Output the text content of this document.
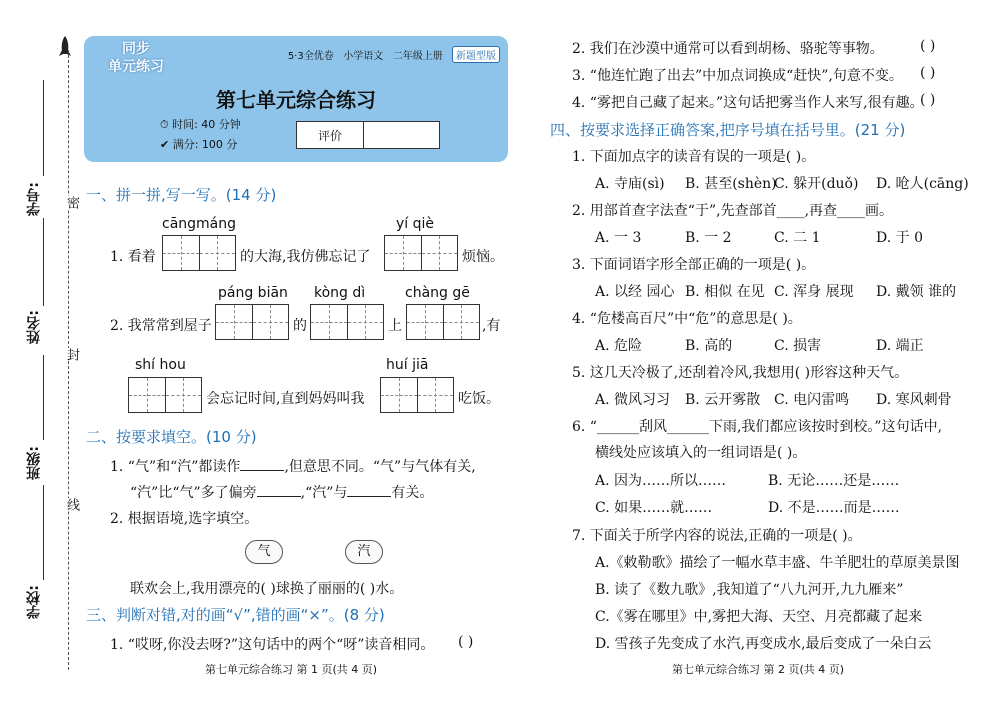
密
封
线
学校:
班级:
姓名:
学号:
同步
单元练习
5·3全优卷 小学语文 二年级上册 新题型版
第七单元综合练习
⏱ 时间: 40 分钟
✔ 满分: 100 分
评价
一、拼一拼,写一写。(14 分)
cāngmáng	yí qiè
1. 看着	的大海,我仿佛忘记了	烦恼。
páng biān kòng dì	chàng gē
2. 我常常到屋子	的	上	,有
shí hou	huí jiā
会忘记时间,直到妈妈叫我	吃饭。
二、按要求填空。(10 分)
1. “气”和“汽”都读作	,但意思不同。“气”与气体有关,
“汽”比“气”多了偏旁	,“汽”与	有关。
2. 根据语境,选字填空。
气	汽
联欢会上,我用漂亮的( )球换了丽丽的( )水。
三、判断对错,对的画“√”,错的画“×”。(8 分)
1. “哎呀,你没去呀?”这句话中的两个“呀”读音相同。 ( )
第七单元综合练习 第 1 页(共 4 页)
2. 我们在沙漠中通常可以看到胡杨、骆驼等事物。	( )
3. “他连忙跑了出去”中加点词换成“赶快”,句意不变。 ( )
4. “雾把自己藏了起来。”这句话把雾当作人来写,很有趣。
( )
四、按要求选择正确答案,把序号填在括号里。(21 分)
1. 下面加点字的读音有误的一项是( )。
A. 寺庙(sì) B. 甚至(shèn)
C. 躲开(duǒ) D. 呛人(cāng)
2. 用部首查字法查“于”,先查部首____,再查____画。
A. 一 3	B. 一 2	C. 二 1	D. 于 0
3. 下面词语字形全部正确的一项是( )。
A. 以经 园心 B. 相似 在见 C. 浑身 展现 D. 戴领 谁的
4. “危楼高百尺”中“危”的意思是( )。
A. 危险	B. 高的	C. 损害	D. 端正
5. 这几天冷极了,还刮着冷风,我想用( )形容这种天气。
A. 微风习习 B. 云开雾散 C. 电闪雷鸣 D. 寒风刺骨
6. “______刮风______下雨,我们都应该按时到校。”这句话中,
横线处应该填入的一组词语是( )。
A. 因为……所以……	B. 无论……还是……
C. 如果……就……	D. 不是……而是……
7. 下面关于所学内容的说法,正确的一项是( )。
A.《敕勒歌》描绘了一幅水草丰盛、牛羊肥壮的草原美景图
B. 读了《数九歌》,我知道了“八九河开,九九雁来”
C.《雾在哪里》中,雾把大海、天空、月亮都藏了起来
D. 雪孩子先变成了水汽,再变成水,最后变成了一朵白云
第七单元综合练习 第 2 页(共 4 页)
